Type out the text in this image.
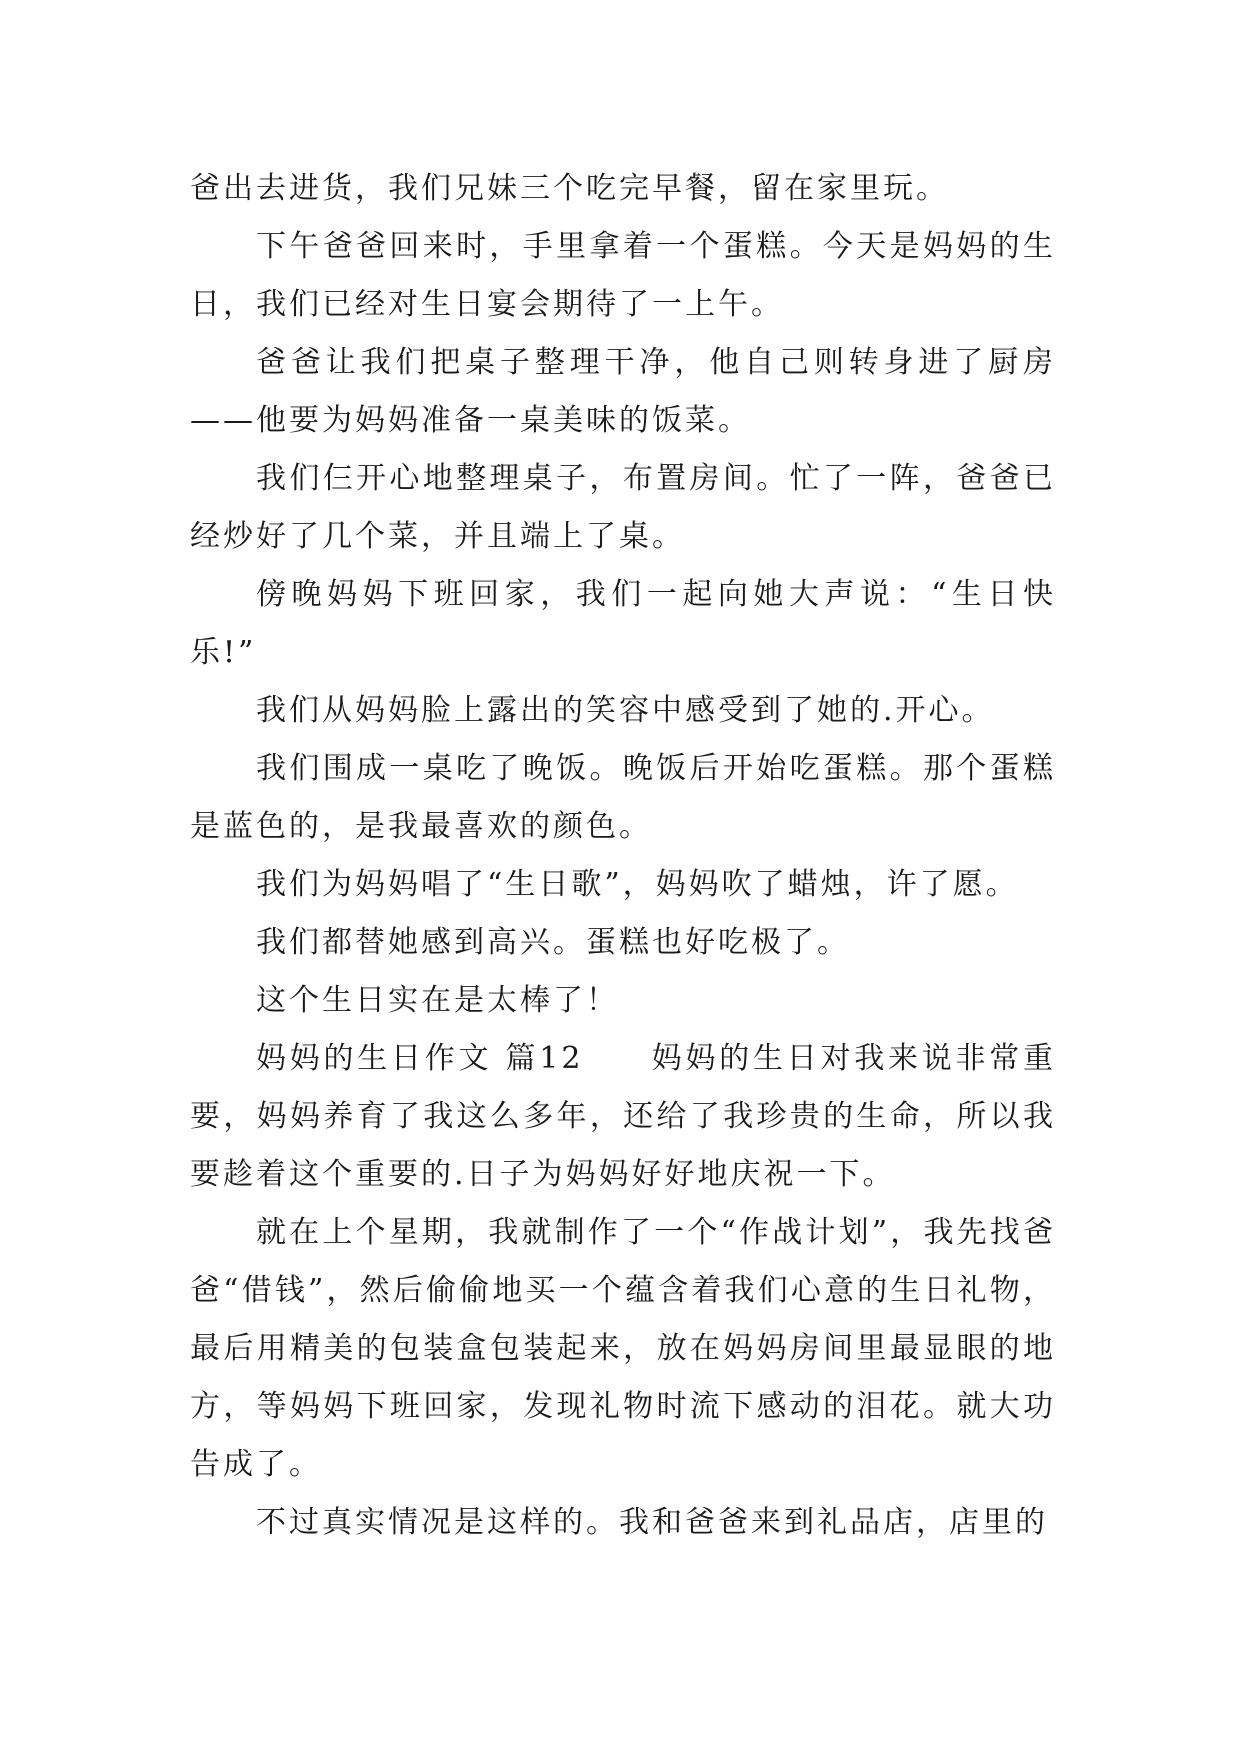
爸出去进货，我们兄妹三个吃完早餐，留在家里玩。

下午爸爸回来时，手里拿着一个蛋糕。今天是妈妈的生日，我们已经对生日宴会期待了一上午。

爸爸让我们把桌子整理干净，他自己则转身进了厨房——他要为妈妈准备一桌美味的饭菜。

我们仨开心地整理桌子，布置房间。忙了一阵，爸爸已经炒好了几个菜，并且端上了桌。

傍晚妈妈下班回家，我们一起向她大声说：“生日快乐!”

我们从妈妈脸上露出的笑容中感受到了她的.开心。

我们围成一桌吃了晚饭。晚饭后开始吃蛋糕。那个蛋糕是蓝色的，是我最喜欢的颜色。

我们为妈妈唱了“生日歌”，妈妈吹了蜡烛，许了愿。

我们都替她感到高兴。蛋糕也好吃极了。

这个生日实在是太棒了！

妈妈的生日作文 篇12　　妈妈的生日对我来说非常重要，妈妈养育了我这么多年，还给了我珍贵的生命，所以我要趁着这个重要的.日子为妈妈好好地庆祝一下。

就在上个星期，我就制作了一个“作战计划”，我先找爸爸“借钱”，然后偷偷地买一个蕴含着我们心意的生日礼物，最后用精美的包装盒包装起来，放在妈妈房间里最显眼的地方，等妈妈下班回家，发现礼物时流下感动的泪花。就大功告成了。

不过真实情况是这样的。我和爸爸来到礼品店，店里的
